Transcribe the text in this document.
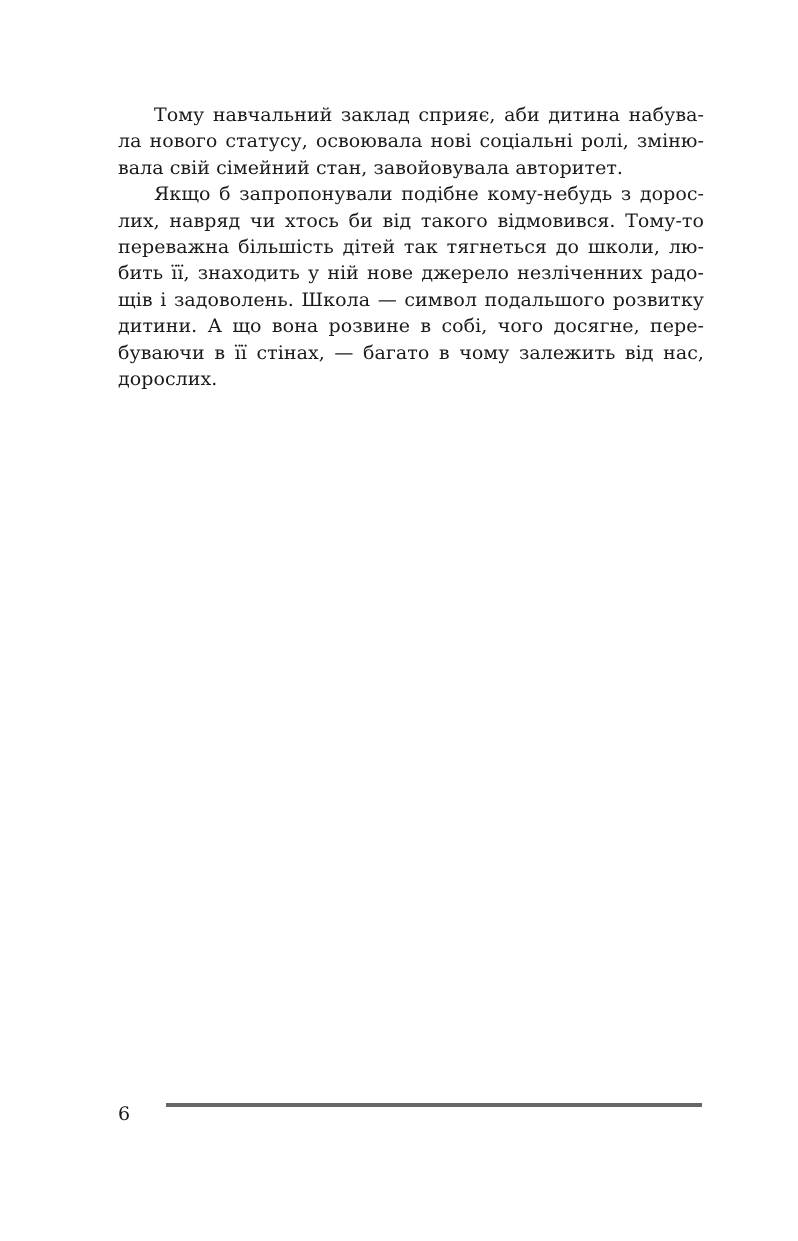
Тому навчальний заклад сприяє, аби дитина набува-
ла нового статусу, освоювала нові соціальні ролі, зміню-
вала свій сімейний стан, завойовувала авторитет.

Якщо б запропонували подібне кому-небудь з дорос-
лих, навряд чи хтось би від такого відмовився. Тому-то
переважна більшість дітей так тягнеться до школи, лю-
бить її, знаходить у ній нове джерело незліченних радо-
щів і задоволень. Школа — символ подальшого розвитку
дитини. А що вона розвине в собі, чого досягне, пере-
буваючи в її стінах, — багато в чому залежить від нас,
дорослих.

6
